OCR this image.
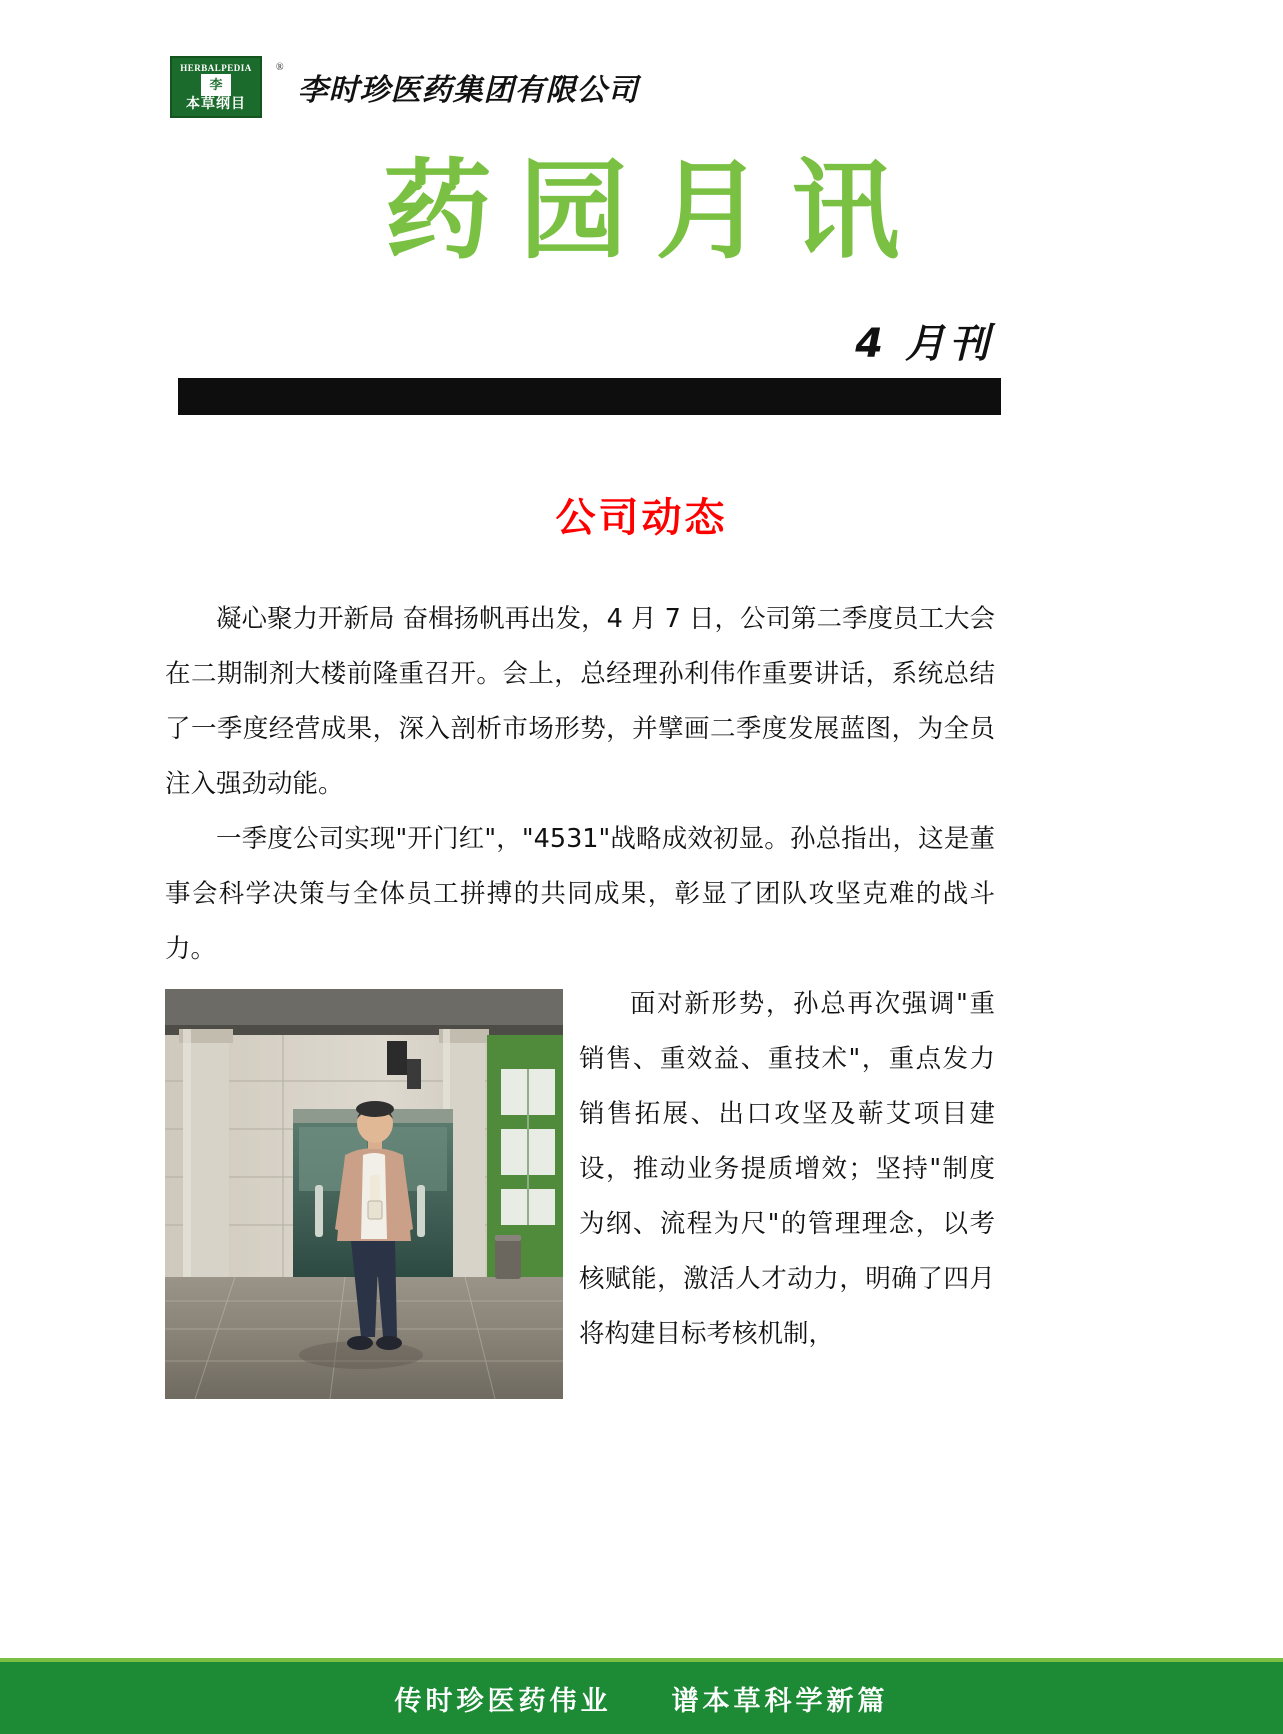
HERBALPEDIA
李
本草纲目
®
李时珍医药集团有限公司
药园月讯
4 月刊
公司动态

凝心聚力开新局 奋楫扬帆再出发，4 月 7 日，公司第二季度员工大会在二期制剂大楼前隆重召开。会上，总经理孙利伟作重要讲话，系统总结了一季度经营成果，深入剖析市场形势，并擘画二季度发展蓝图，为全员注入强劲动能。

一季度公司实现"开门红"，"4531"战略成效初显。孙总指出，这是董事会科学决策与全体员工拼搏的共同成果，彰显了团队攻坚克难的战斗力。

面对新形势，孙总再次强调"重销售、重效益、重技术"，重点发力销售拓展、出口攻坚及蕲艾项目建设，推动业务提质增效；坚持"制度为纲、流程为尺"的管理理念，以考核赋能，激活人才动力，明确了四月将构建目标考核机制，

传时珍医药伟业 谱本草科学新篇
